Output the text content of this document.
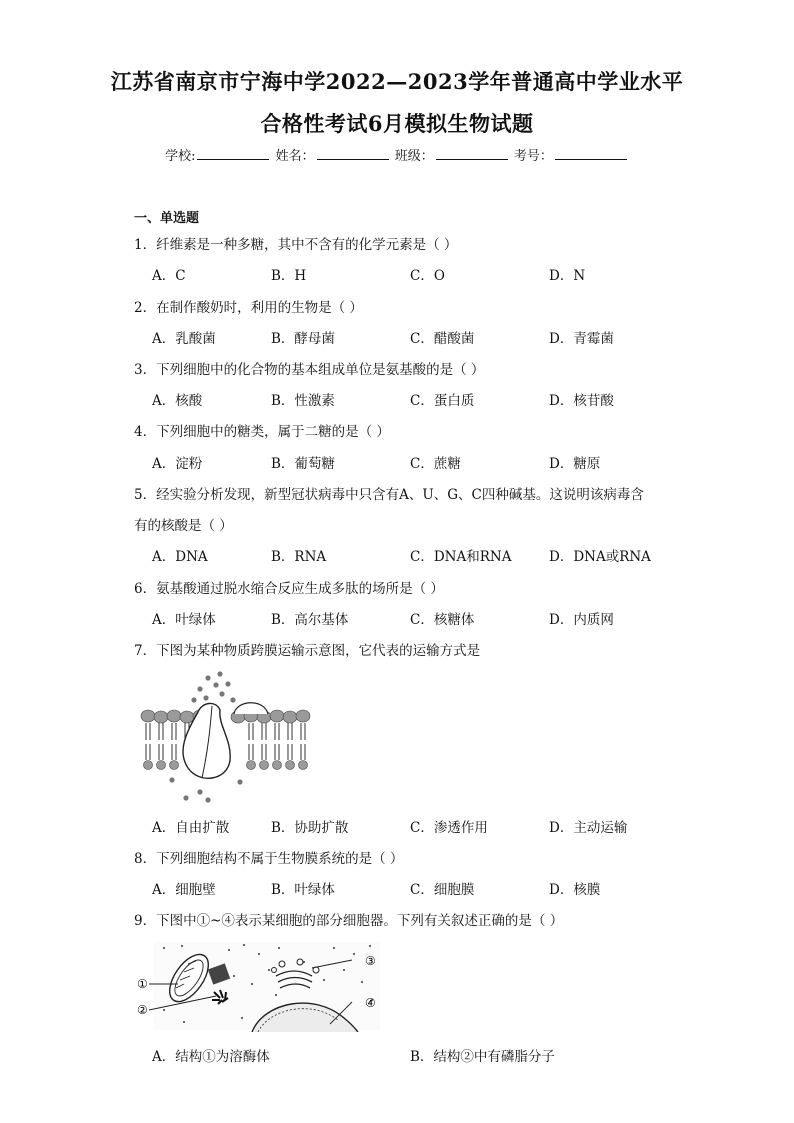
江苏省南京市宁海中学2022—2023学年普通高中学业水平
合格性考试6月模拟生物试题
学校:	姓名：	班级：	考号：
一、单选题
1．纤维素是一种多糖，其中不含有的化学元素是（ ）
A．C	B．H	C．O	D．N
2．在制作酸奶时，利用的生物是（ ）
A．乳酸菌	B．酵母菌	C．醋酸菌	D．青霉菌
3．下列细胞中的化合物的基本组成单位是氨基酸的是（ ）
A．核酸	B．性激素	C．蛋白质	D．核苷酸
4．下列细胞中的糖类，属于二糖的是（ ）
A．淀粉	B．葡萄糖	C．蔗糖	D．糖原
5．经实验分析发现，新型冠状病毒中只含有A、U、G、C四种碱基。这说明该病毒含
有的核酸是（ ）
A．DNA	B．RNA	C．DNA和RNA	D．DNA或RNA
6．氨基酸通过脱水缩合反应生成多肽的场所是（ ）
A．叶绿体	B．高尔基体	C．核糖体	D．内质网
7．下图为某种物质跨膜运输示意图，它代表的运输方式是
A．自由扩散	B．协助扩散	C．渗透作用	D．主动运输
8．下列细胞结构不属于生物膜系统的是（ ）
A．细胞壁	B．叶绿体	C．细胞膜	D．核膜
9．下图中①~④表示某细胞的部分细胞器。下列有关叙述正确的是（ ）
①
②
③
④
A．结构①为溶酶体	B．结构②中有磷脂分子
